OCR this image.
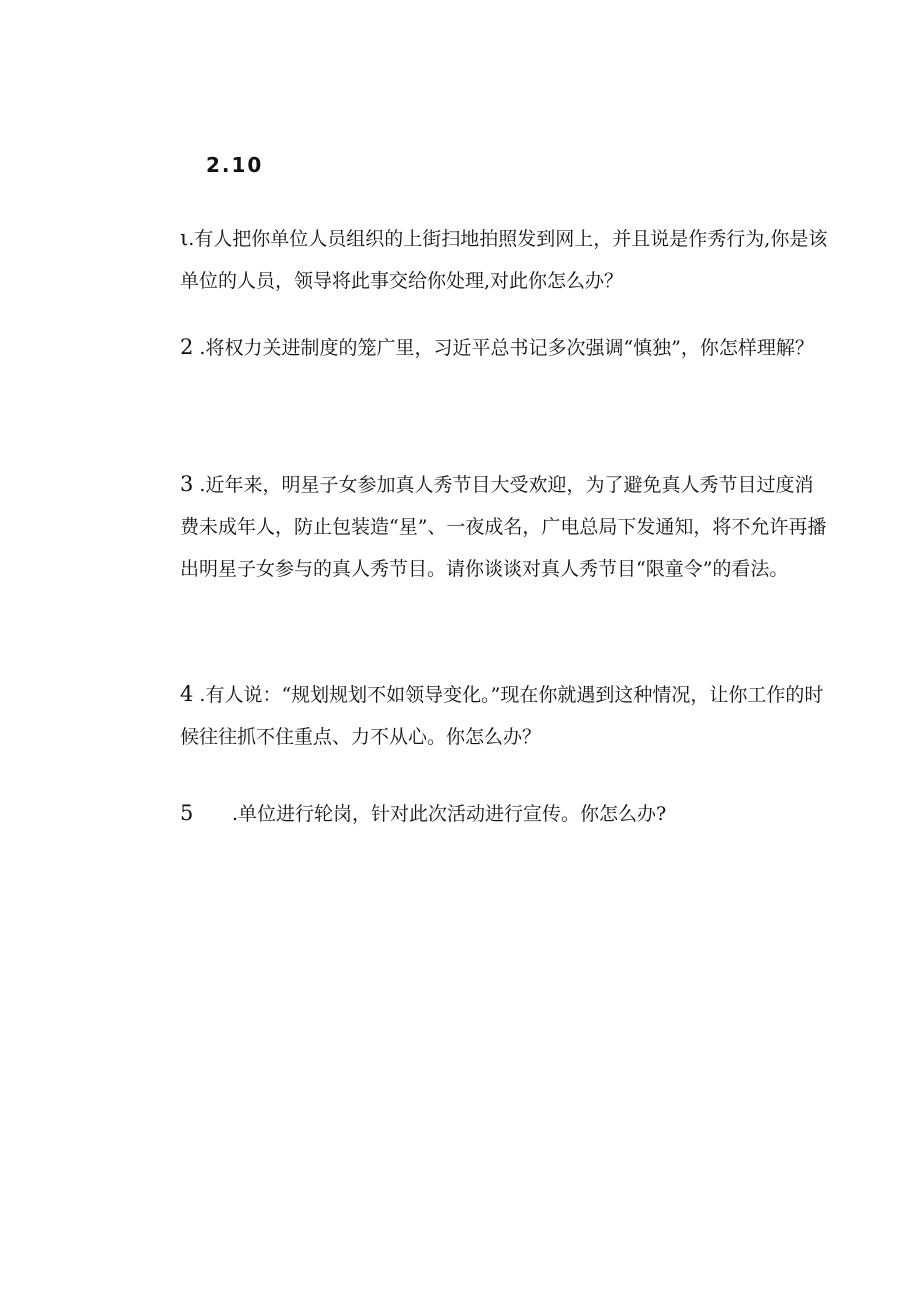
2.10

ι.有人把你单位人员组织的上街扫地拍照发到网上，并且说是作秀行为,你是该单位的人员，领导将此事交给你处理,对此你怎么办？

2 .将权力关进制度的笼广里，习近平总书记多次强调“慎独”，你怎样理解？

3 .近年来，明星子女参加真人秀节目大受欢迎，为了避免真人秀节目过度消费未成年人，防止包装造“星”、一夜成名，广电总局下发通知，将不允许再播出明星子女参与的真人秀节目。请你谈谈对真人秀节目“限童令”的看法。

4 .有人说：“规划规划不如领导变化。”现在你就遇到这种情况，让你工作的时候往往抓不住重点、力不从心。你怎么办？

5 .单位进行轮岗，针对此次活动进行宣传。你怎么办?
